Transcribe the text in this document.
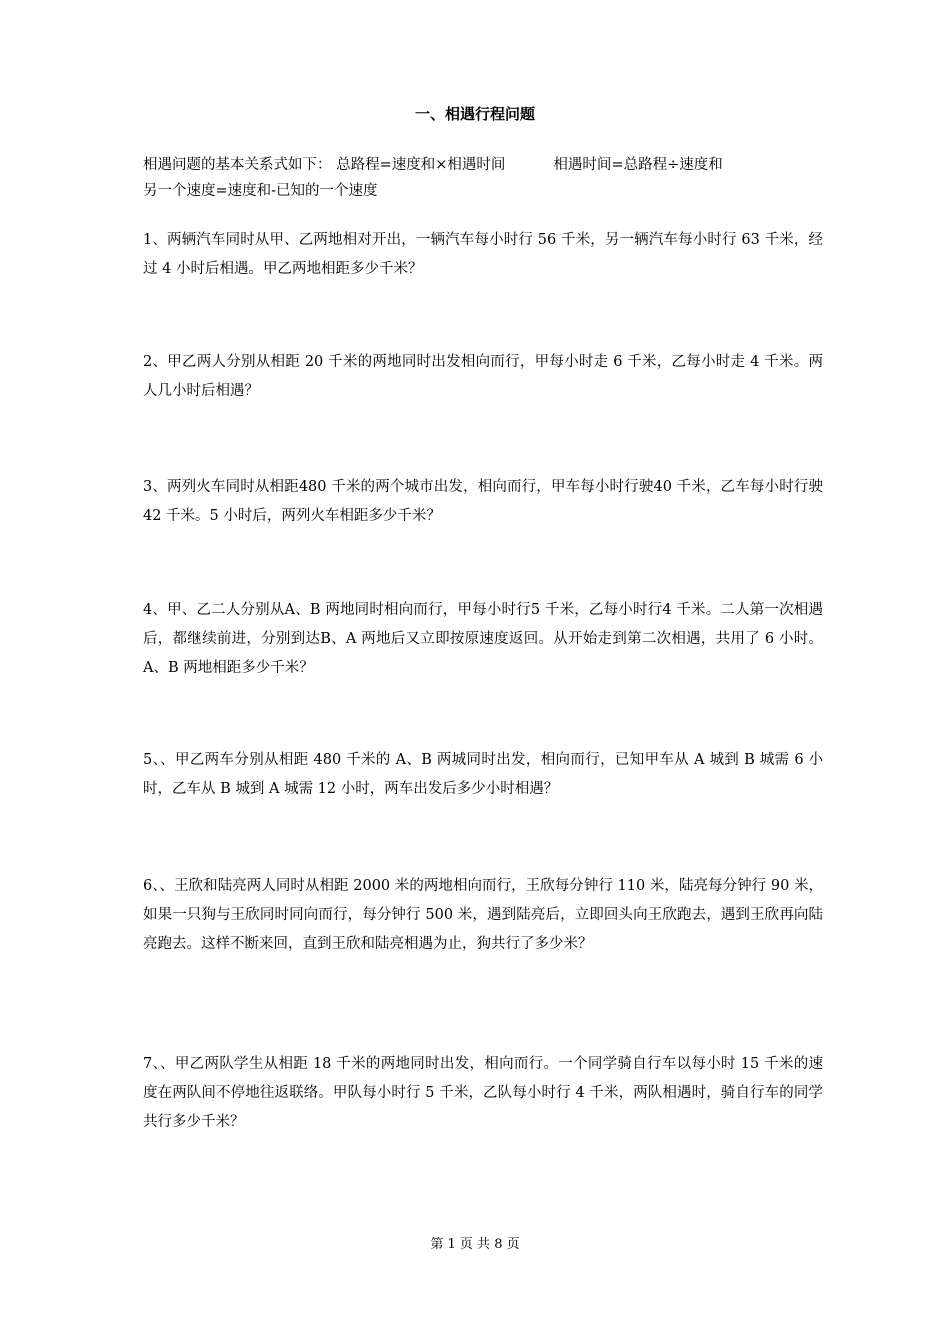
一、相遇行程问题
相遇问题的基本关系式如下： 总路程=速度和×相遇时间	相遇时间=总路程÷速度和
另一个速度=速度和-已知的一个速度
1、两辆汽车同时从甲、乙两地相对开出，一辆汽车每小时行 56 千米，另一辆汽车每小时行 63 千米，经过 4 小时后相遇。甲乙两地相距多少千米？
2、甲乙两人分别从相距 20 千米的两地同时出发相向而行，甲每小时走 6 千米，乙每小时走 4 千米。两人几小时后相遇？
3、两列火车同时从相距480 千米的两个城市出发，相向而行，甲车每小时行驶40 千米，乙车每小时行驶 42 千米。5 小时后，两列火车相距多少千米？
4、甲、乙二人分别从A、B 两地同时相向而行，甲每小时行5 千米，乙每小时行4 千米。二人第一次相遇后，都继续前进，分别到达B、A 两地后又立即按原速度返回。从开始走到第二次相遇，共用了 6 小时。A、B 两地相距多少千米？
5、、甲乙两车分别从相距 480 千米的 A、B 两城同时出发，相向而行，已知甲车从 A 城到 B 城需 6 小时，乙车从 B 城到 A 城需 12 小时，两车出发后多少小时相遇？
6、、王欣和陆亮两人同时从相距 2000 米的两地相向而行，王欣每分钟行 110 米，陆亮每分钟行 90 米，如果一只狗与王欣同时同向而行，每分钟行 500 米，遇到陆亮后，立即回头向王欣跑去，遇到王欣再向陆亮跑去。这样不断来回，直到王欣和陆亮相遇为止，狗共行了多少米？
7、、甲乙两队学生从相距 18 千米的两地同时出发，相向而行。一个同学骑自行车以每小时 15 千米的速度在两队间不停地往返联络。甲队每小时行 5 千米，乙队每小时行 4 千米，两队相遇时，骑自行车的同学共行多少千米？
第 1 页 共 8 页
